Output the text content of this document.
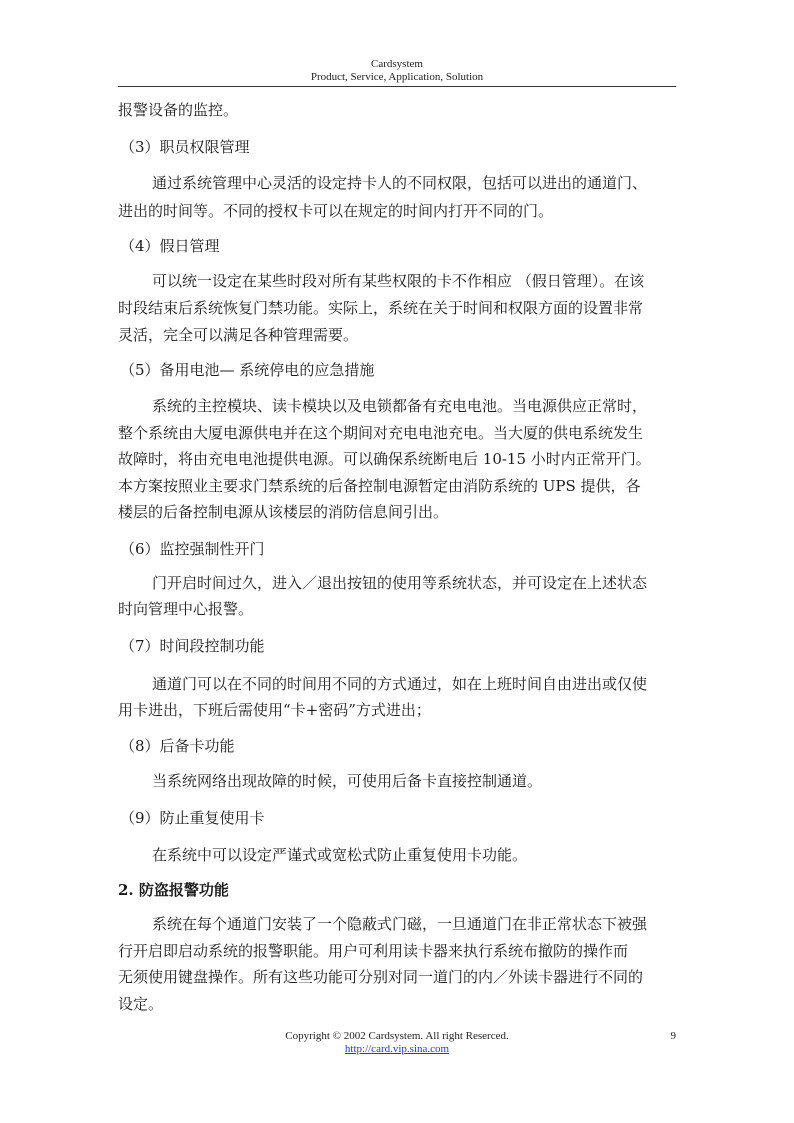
Cardsystem
Product, Service, Application, Solution
报警设备的监控。
（3）职员权限管理
通过系统管理中心灵活的设定持卡人的不同权限，包括可以进出的通道门、
进出的时间等。不同的授权卡可以在规定的时间内打开不同的门。
（4）假日管理
可以统一设定在某些时段对所有某些权限的卡不作相应 （假日管理）。在该
时段结束后系统恢复门禁功能。实际上，系统在关于时间和权限方面的设置非常
灵活，完全可以满足各种管理需要。
（5）备用电池— 系统停电的应急措施
系统的主控模块、读卡模块以及电锁都备有充电电池。当电源供应正常时，
整个系统由大厦电源供电并在这个期间对充电电池充电。当大厦的供电系统发生
故障时，将由充电电池提供电源。可以确保系统断电后 10-15 小时内正常开门。
本方案按照业主要求门禁系统的后备控制电源暂定由消防系统的 UPS 提供，各
楼层的后备控制电源从该楼层的消防信息间引出。
（6）监控强制性开门
门开启时间过久，进入／退出按钮的使用等系统状态，并可设定在上述状态
时向管理中心报警。
（7）时间段控制功能
通道门可以在不同的时间用不同的方式通过，如在上班时间自由进出或仅使
用卡进出，下班后需使用“卡+密码”方式进出；
（8）后备卡功能
当系统网络出现故障的时候，可使用后备卡直接控制通道。
（9）防止重复使用卡
在系统中可以设定严谨式或宽松式防止重复使用卡功能。
2. 防盗报警功能
系统在每个通道门安装了一个隐蔽式门磁，一旦通道门在非正常状态下被强
行开启即启动系统的报警职能。用户可利用读卡器来执行系统布撤防的操作而
无须使用键盘操作。所有这些功能可分别对同一道门的内／外读卡器进行不同的
设定。
Copyright © 2002 Cardsystem. All right Reserced.
http://card.vip.sina.com
9
